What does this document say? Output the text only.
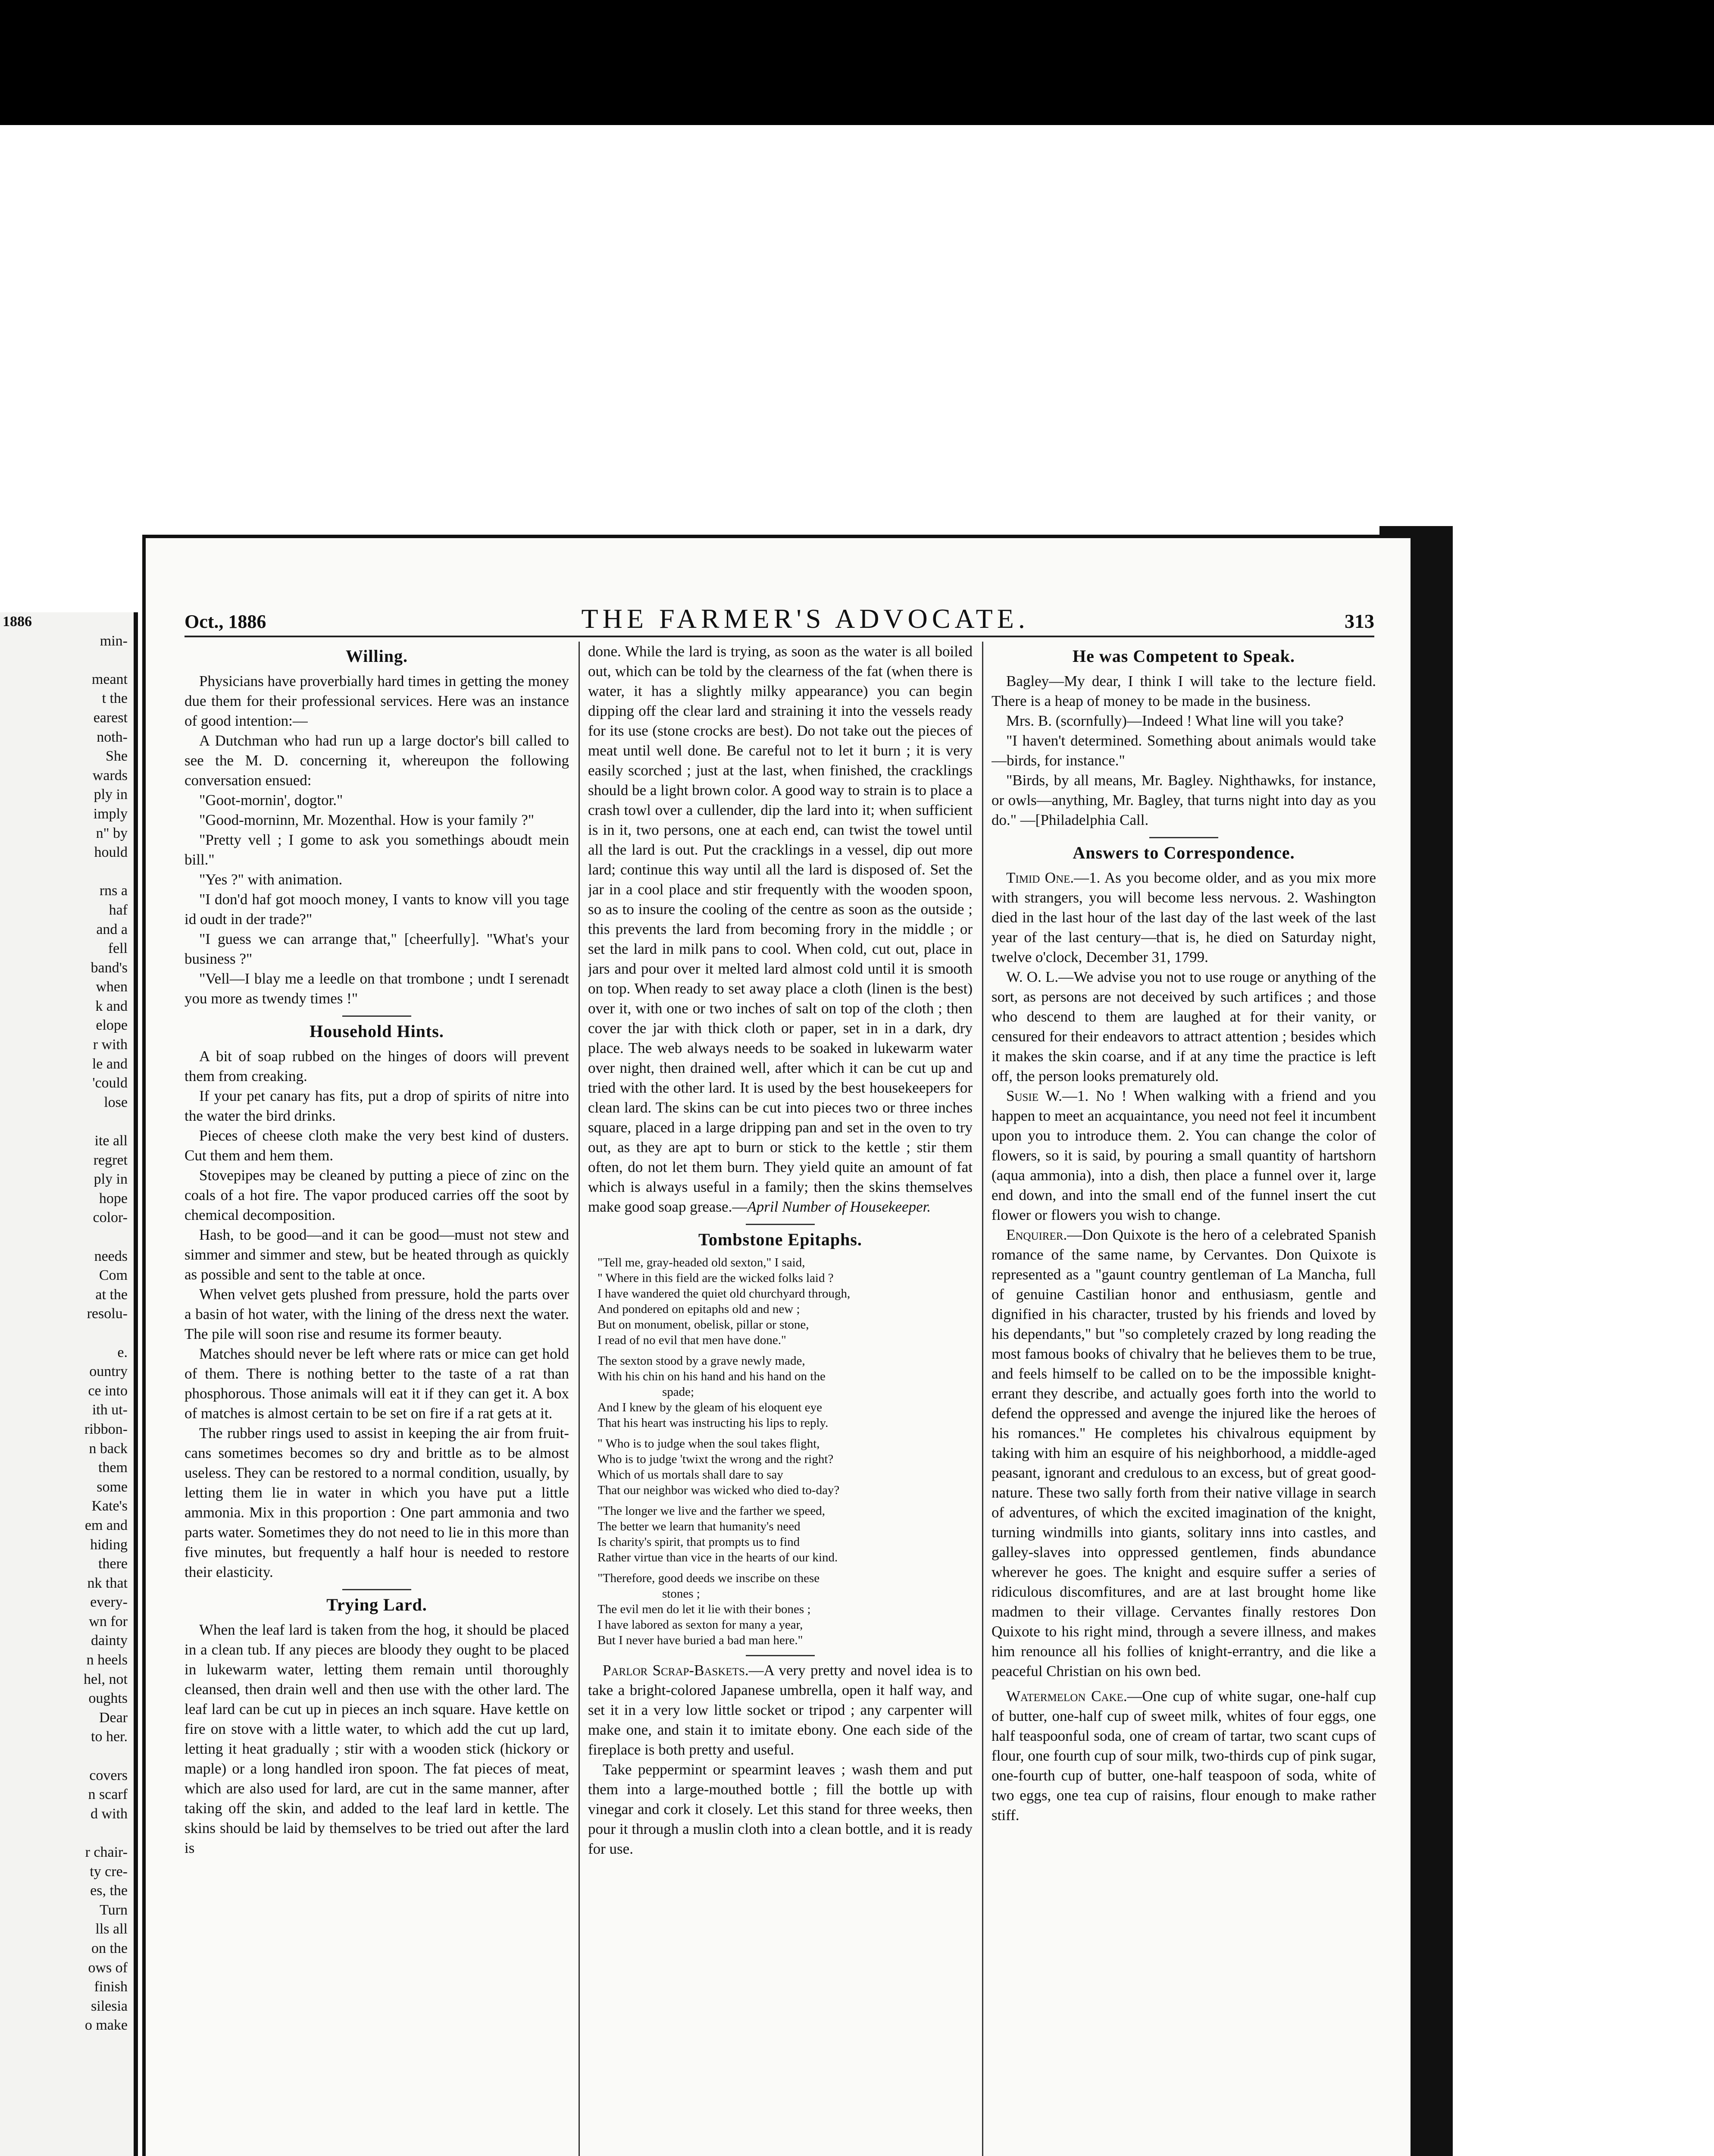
1886
min-

meant
t the
earest
noth-
She
wards
ply in
imply
n" by
hould

rns a
haf
and a
fell
band's
when
k and
elope
r with
le and
'could
lose

ite all
regret
ply in
hope
color-

needs
Com
at the
resolu-

e.
ountry
ce into
ith ut-
ribbon-
n back
them
some
Kate's
em and
hiding
there
nk that
every-
wn for
dainty
n heels
hel, not
oughts
Dear
to her.

covers
n scarf
d with

r chair-
ty cre-
es, the
Turn
lls all
on the
ows of
finish
silesia
o make
Oct., 1886	THE FARMER'S ADVOCATE.	313
Willing.

Physicians have proverbially hard times in getting the money due them for their professional services. Here was an instance of good intention:—

A Dutchman who had run up a large doctor's bill called to see the M. D. concerning it, whereupon the following conversation ensued:

"Goot-mornin', dogtor."

"Good-morninn, Mr. Mozenthal. How is your family ?"

"Pretty vell ; I gome to ask you somethings aboudt mein bill."

"Yes ?" with animation.

"I don'd haf got mooch money, I vants to know vill you tage id oudt in der trade?"

"I guess we can arrange that," [cheerfully]. "What's your business ?"

"Vell—I blay me a leedle on that trombone ; undt I serenadt you more as twendy times !"

Household Hints.

A bit of soap rubbed on the hinges of doors will prevent them from creaking.

If your pet canary has fits, put a drop of spirits of nitre into the water the bird drinks.

Pieces of cheese cloth make the very best kind of dusters. Cut them and hem them.

Stovepipes may be cleaned by putting a piece of zinc on the coals of a hot fire. The vapor produced carries off the soot by chemical decomposition.

Hash, to be good—and it can be good—must not stew and simmer and simmer and stew, but be heated through as quickly as possible and sent to the table at once.

When velvet gets plushed from pressure, hold the parts over a basin of hot water, with the lining of the dress next the water. The pile will soon rise and resume its former beauty.

Matches should never be left where rats or mice can get hold of them. There is nothing better to the taste of a rat than phosphorous. Those animals will eat it if they can get it. A box of matches is almost certain to be set on fire if a rat gets at it.

The rubber rings used to assist in keeping the air from fruit-cans sometimes becomes so dry and brittle as to be almost useless. They can be restored to a normal condition, usually, by letting them lie in water in which you have put a little ammonia. Mix in this proportion : One part ammonia and two parts water. Sometimes they do not need to lie in this more than five minutes, but frequently a half hour is needed to restore their elasticity.

Trying Lard.

When the leaf lard is taken from the hog, it should be placed in a clean tub. If any pieces are bloody they ought to be placed in lukewarm water, letting them remain until thoroughly cleansed, then drain well and then use with the other lard. The leaf lard can be cut up in pieces an inch square. Have kettle on fire on stove with a little water, to which add the cut up lard, letting it heat gradually ; stir with a wooden stick (hickory or maple) or a long handled iron spoon. The fat pieces of meat, which are also used for lard, are cut in the same manner, after taking off the skin, and added to the leaf lard in kettle. The skins should be laid by themselves to be tried out after the lard is

done. While the lard is trying, as soon as the water is all boiled out, which can be told by the clearness of the fat (when there is water, it has a slightly milky appearance) you can begin dipping off the clear lard and straining it into the vessels ready for its use (stone crocks are best). Do not take out the pieces of meat until well done. Be careful not to let it burn ; it is very easily scorched ; just at the last, when finished, the cracklings should be a light brown color. A good way to strain is to place a crash towl over a cullender, dip the lard into it; when sufficient is in it, two persons, one at each end, can twist the towel until all the lard is out. Put the cracklings in a vessel, dip out more lard; continue this way until all the lard is disposed of. Set the jar in a cool place and stir frequently with the wooden spoon, so as to insure the cooling of the centre as soon as the outside ; this prevents the lard from becoming frory in the middle ; or set the lard in milk pans to cool. When cold, cut out, place in jars and pour over it melted lard almost cold until it is smooth on top. When ready to set away place a cloth (linen is the best) over it, with one or two inches of salt on top of the cloth ; then cover the jar with thick cloth or paper, set in in a dark, dry place. The web always needs to be soaked in lukewarm water over night, then drained well, after which it can be cut up and tried with the other lard. It is used by the best housekeepers for clean lard. The skins can be cut into pieces two or three inches square, placed in a large dripping pan and set in the oven to try out, as they are apt to burn or stick to the kettle ; stir them often, do not let them burn. They yield quite an amount of fat which is always useful in a family; then the skins themselves make good soap grease.—April Number of Housekeeper.

Tombstone Epitaphs.
"Tell me, gray-headed old sexton," I said,
" Where in this field are the wicked folks laid ?
I have wandered the quiet old churchyard through,
And pondered on epitaphs old and new ;
But on monument, obelisk, pillar or stone,
I read of no evil that men have done."
The sexton stood by a grave newly made,
With his chin on his hand and his hand on the
spade;
And I knew by the gleam of his eloquent eye
That his heart was instructing his lips to reply.
" Who is to judge when the soul takes flight,
Who is to judge 'twixt the wrong and the right?
Which of us mortals shall dare to say
That our neighbor was wicked who died to-day?
"The longer we live and the farther we speed,
The better we learn that humanity's need
Is charity's spirit, that prompts us to find
Rather virtue than vice in the hearts of our kind.
"Therefore, good deeds we inscribe on these
stones ;
The evil men do let it lie with their bones ;
I have labored as sexton for many a year,
But I never have buried a bad man here."

Parlor Scrap-Baskets.—A very pretty and novel idea is to take a bright-colored Japanese umbrella, open it half way, and set it in a very low little socket or tripod ; any carpenter will make one, and stain it to imitate ebony. One each side of the fireplace is both pretty and useful.

Take peppermint or spearmint leaves ; wash them and put them into a large-mouthed bottle ; fill the bottle up with vinegar and cork it closely. Let this stand for three weeks, then pour it through a muslin cloth into a clean bottle, and it is ready for use.

He was Competent to Speak.

Bagley—My dear, I think I will take to the lecture field. There is a heap of money to be made in the business.

Mrs. B. (scornfully)—Indeed ! What line will you take?

"I haven't determined. Something about animals would take—birds, for instance."

"Birds, by all means, Mr. Bagley. Nighthawks, for instance, or owls—anything, Mr. Bagley, that turns night into day as you do." —[Philadelphia Call.

Answers to Correspondence.

Timid One.—1. As you become older, and as you mix more with strangers, you will become less nervous. 2. Washington died in the last hour of the last day of the last week of the last year of the last century—that is, he died on Saturday night, twelve o'clock, December 31, 1799.

W. O. L.—We advise you not to use rouge or anything of the sort, as persons are not deceived by such artifices ; and those who descend to them are laughed at for their vanity, or censured for their endeavors to attract attention ; besides which it makes the skin coarse, and if at any time the practice is left off, the person looks prematurely old.

Susie W.—1. No ! When walking with a friend and you happen to meet an acquaintance, you need not feel it incumbent upon you to introduce them. 2. You can change the color of flowers, so it is said, by pouring a small quantity of hartshorn (aqua ammonia), into a dish, then place a funnel over it, large end down, and into the small end of the funnel insert the cut flower or flowers you wish to change.

Enquirer.—Don Quixote is the hero of a celebrated Spanish romance of the same name, by Cervantes. Don Quixote is represented as a "gaunt country gentleman of La Mancha, full of genuine Castilian honor and enthusiasm, gentle and dignified in his character, trusted by his friends and loved by his dependants," but "so completely crazed by long reading the most famous books of chivalry that he believes them to be true, and feels himself to be called on to be the impossible knight-errant they describe, and actually goes forth into the world to defend the oppressed and avenge the injured like the heroes of his romances." He completes his chivalrous equipment by taking with him an esquire of his neighborhood, a middle-aged peasant, ignorant and credulous to an excess, but of great good-nature. These two sally forth from their native village in search of adventures, of which the excited imagination of the knight, turning windmills into giants, solitary inns into castles, and galley-slaves into oppressed gentlemen, finds abundance wherever he goes. The knight and esquire suffer a series of ridiculous discomfitures, and are at last brought home like madmen to their village. Cervantes finally restores Don Quixote to his right mind, through a severe illness, and makes him renounce all his follies of knight-errantry, and die like a peaceful Christian on his own bed.

Watermelon Cake.—One cup of white sugar, one-half cup of butter, one-half cup of sweet milk, whites of four eggs, one half teaspoonful soda, one of cream of tartar, two scant cups of flour, one fourth cup of sour milk, two-thirds cup of pink sugar, one-fourth cup of butter, one-half teaspoon of soda, white of two eggs, one tea cup of raisins, flour enough to make rather stiff.
